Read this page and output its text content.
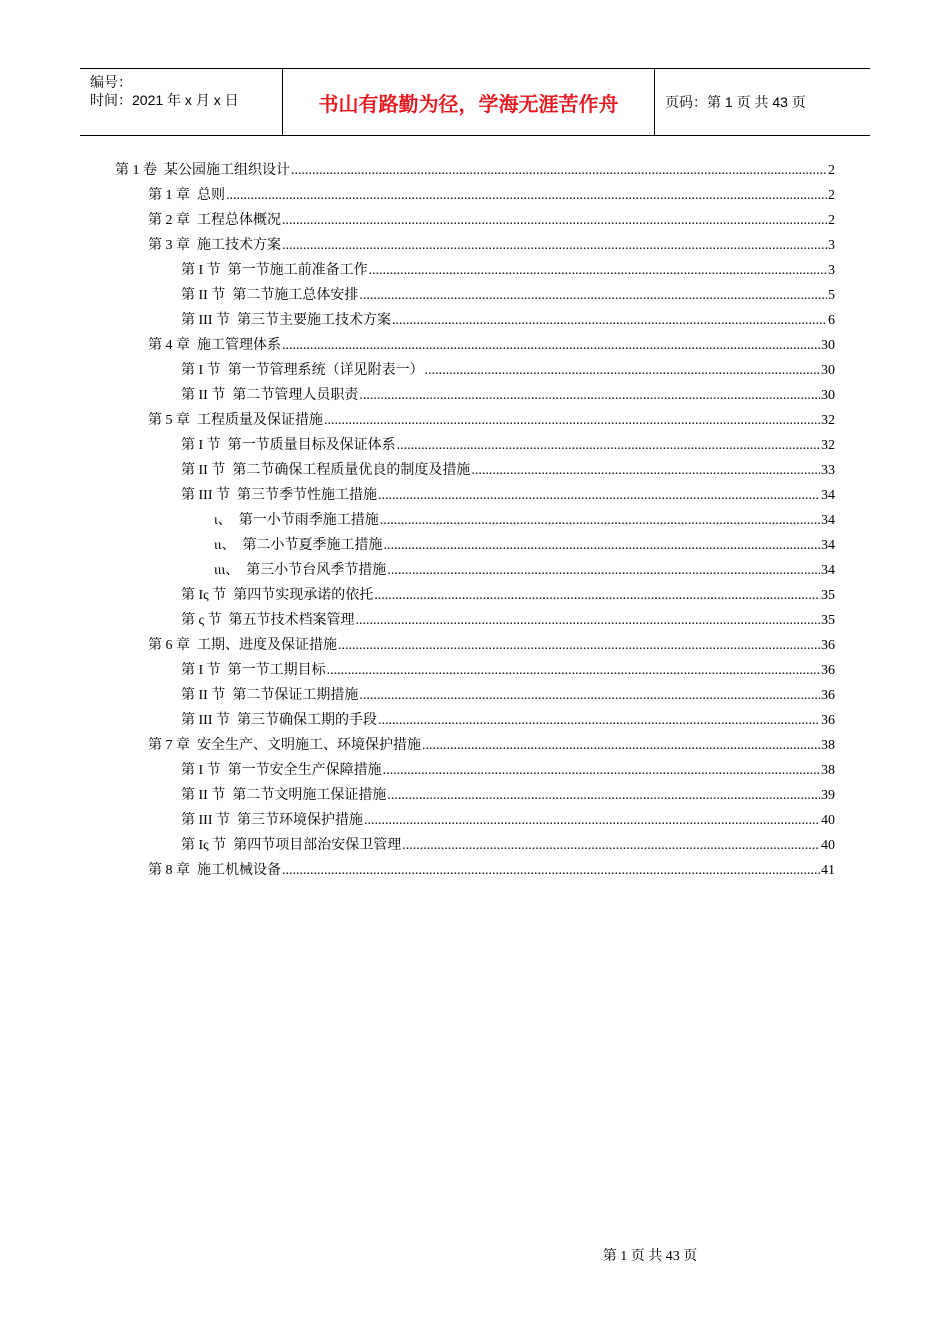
编号：
时间：2021 年 x 月 x 日	书山有路勤为径，学海无涯苦作舟	页码：第 1 页 共 43 页
第 1 卷  某公园施工组织设计 .....	2
第 1 章  总则 .....	2
第 2 章  工程总体概况 .....	2
第 3 章  施工技术方案 .....	3
第 I 节  第一节施工前准备工作 .....	3
第 II 节  第二节施工总体安排 .....	5
第 III 节  第三节主要施工技术方案 .....	6
第 4 章  施工管理体系 .....	30
第 I 节  第一节管理系统（详见附表一） .....	30
第 II 节  第二节管理人员职责 .....	30
第 5 章  工程质量及保证措施 .....	32
第 I 节  第一节质量目标及保证体系 .....	32
第 II 节  第二节确保工程质量优良的制度及措施 .....	33
第 III 节  第三节季节性施工措施 .....	34
ι、  第一小节雨季施工措施 .....	34
ιι、  第二小节夏季施工措施 .....	34
ιιι、  第三小节台风季节措施 .....	34
第 Iς 节  第四节实现承诺的依托 .....	35
第 ς 节  第五节技术档案管理 .....	35
第 6 章  工期、进度及保证措施 .....	36
第 I 节  第一节工期目标 .....	36
第 II 节  第二节保证工期措施 .....	36
第 III 节  第三节确保工期的手段 .....	36
第 7 章  安全生产、文明施工、环境保护措施 .....	38
第 I 节  第一节安全生产保障措施 .....	38
第 II 节  第二节文明施工保证措施 .....	39
第 III 节  第三节环境保护措施 .....	40
第 Iς 节  第四节项目部治安保卫管理 .....	40
第 8 章  施工机械设备 .....	41
第 1 页 共 43 页
